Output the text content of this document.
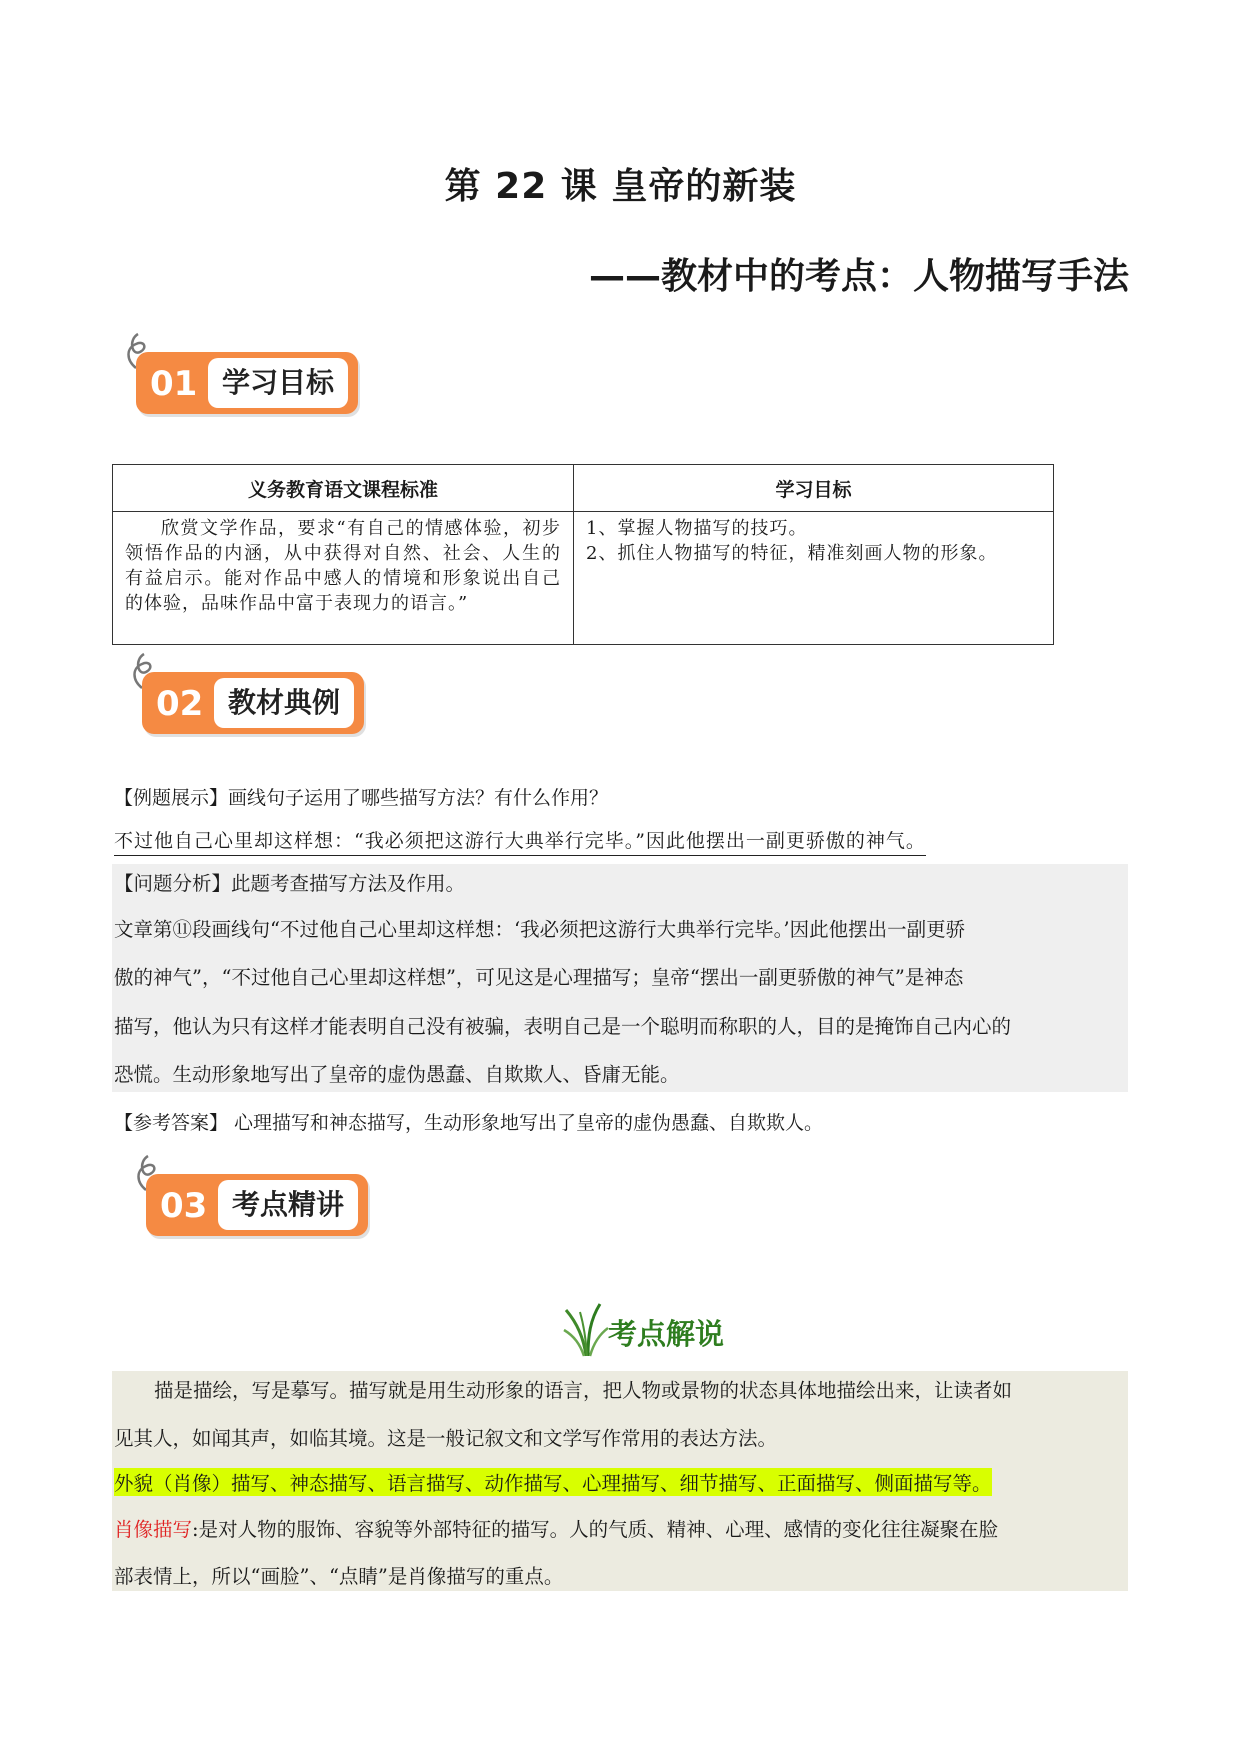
第 22 课 皇帝的新装
——教材中的考点：人物描写手法
01 学习目标
义务教育语文课程标准	学习目标
欣赏文学作品，要求“有自己的情感体验，初步领悟作品的内涵，从中获得对自然、社会、人生的有益启示。能对作品中感人的情境和形象说出自己的体验，品味作品中富于表现力的语言。”	1、掌握人物描写的技巧。
2、抓住人物描写的特征，精准刻画人物的形象。
02 教材典例
【例题展示】画线句子运用了哪些描写方法？有什么作用？
不过他自己心里却这样想：“我必须把这游行大典举行完毕。”因此他摆出一副更骄傲的神气。
【问题分析】此题考查描写方法及作用。
文章第⑪段画线句“不过他自己心里却这样想：‘我必须把这游行大典举行完毕。’因此他摆出一副更骄
傲的神气”，“不过他自己心里却这样想”，可见这是心理描写；皇帝“摆出一副更骄傲的神气”是神态
描写，他认为只有这样才能表明自己没有被骗，表明自己是一个聪明而称职的人，目的是掩饰自己内心的
恐慌。生动形象地写出了皇帝的虚伪愚蠢、自欺欺人、昏庸无能。
【参考答案】 心理描写和神态描写，生动形象地写出了皇帝的虚伪愚蠢、自欺欺人。
03 考点精讲
考点解说
描是描绘，写是摹写。描写就是用生动形象的语言，把人物或景物的状态具体地描绘出来，让读者如
见其人，如闻其声，如临其境。这是一般记叙文和文学写作常用的表达方法。
外貌（肖像）描写、神态描写、语言描写、动作描写、心理描写、细节描写、正面描写、侧面描写等。
肖像描写:是对人物的服饰、容貌等外部特征的描写。人的气质、精神、心理、感情的变化往往凝聚在脸
部表情上，所以“画脸”、“点睛”是肖像描写的重点。
